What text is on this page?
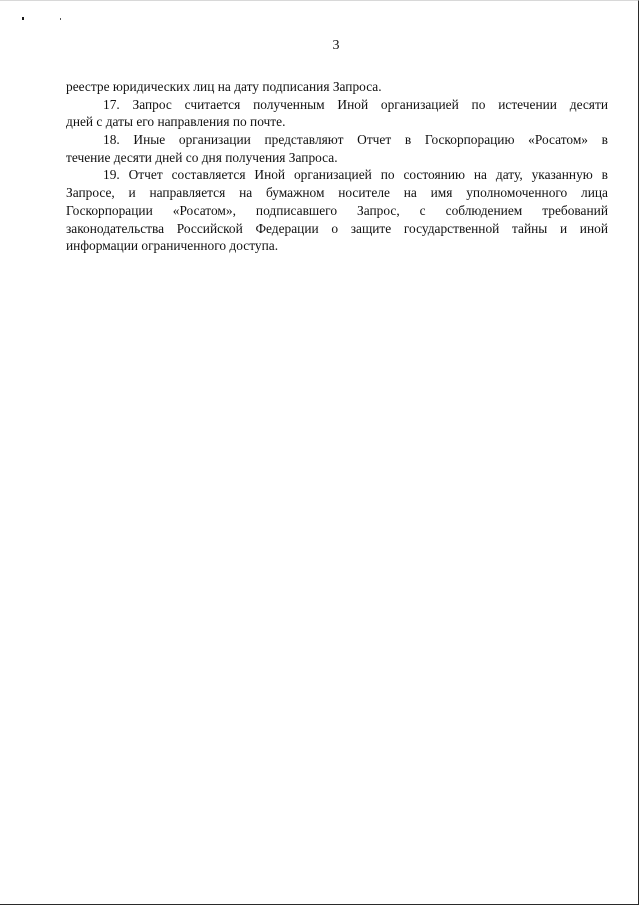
3
реестре юридических лиц на дату подписания Запроса.
17. Запрос считается полученным Иной организацией по истечении десяти
дней с даты его направления по почте.
18. Иные организации представляют Отчет в Госкорпорацию «Росатом» в
течение десяти дней со дня получения Запроса.
19. Отчет составляется Иной организацией по состоянию на дату, указанную в
Запросе, и направляется на бумажном носителе на имя уполномоченного лица
Госкорпорации «Росатом», подписавшего Запрос, с соблюдением требований
законодательства Российской Федерации о защите государственной тайны и иной
информации ограниченного доступа.
